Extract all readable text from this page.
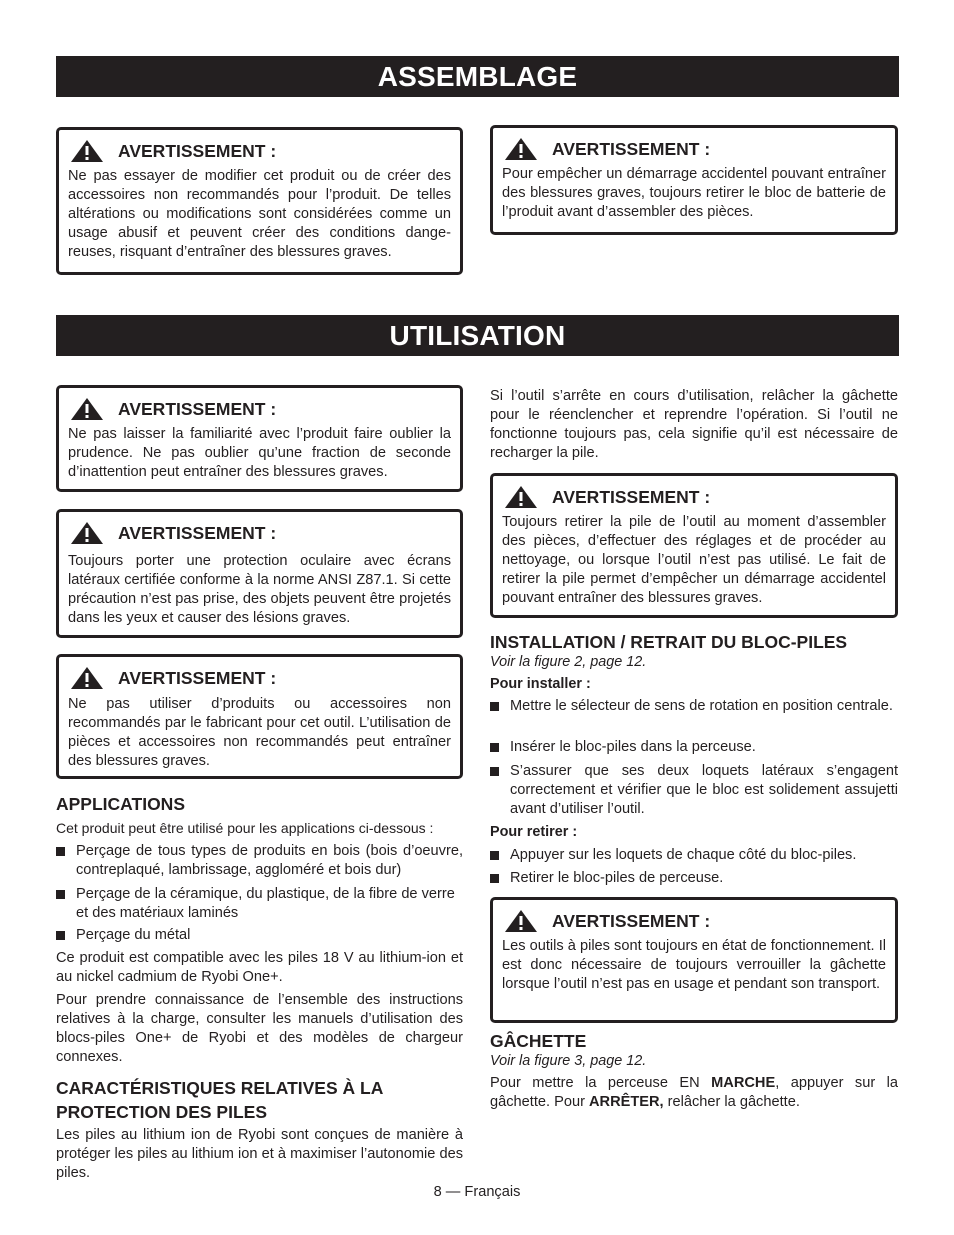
ASSEMBLAGE
UTILISATION
AVERTISSEMENT :
Ne pas essayer de modifier cet produit ou de créer des accessoires non recommandés pour l’produit. De telles altérations ou modifications sont considérées comme un usage abusif et peuvent créer des conditions dange-reuses, risquant d’entraîner des blessures graves.
AVERTISSEMENT :
Pour empêcher un démarrage accidentel pouvant entraîner des blessures graves, toujours retirer le bloc de batterie de l’produit avant d’assembler des pièces.
AVERTISSEMENT :
Ne pas laisser la familiarité avec l’produit faire oublier la prudence. Ne pas oublier qu’une fraction de seconde d’inattention peut entraîner des blessures graves.
AVERTISSEMENT :
Toujours porter une protection oculaire avec écrans latéraux certifiée conforme à la norme ANSI Z87.1. Si cette précaution n’est pas prise, des objets peuvent être projetés dans les yeux et causer des lésions graves.
AVERTISSEMENT :
Ne pas utiliser d’produits ou accessoires non recommandés par le fabricant pour cet outil. L’utilisation de pièces et accessoires non recommandés peut entraîner des blessures graves.
AVERTISSEMENT :
Toujours retirer la pile de l’outil au moment d’assembler des pièces, d’effectuer des réglages et de procéder au nettoyage, ou lorsque l’outil n’est pas utilisé. Le fait de retirer la pile permet d’empêcher un démarrage accidentel pouvant entraîner des blessures graves.
AVERTISSEMENT :
Les outils à piles sont toujours en état de fonctionnement. Il est donc nécessaire de toujours verrouiller la gâchette lorsque l’outil n’est pas en usage et pendant son transport.
APPLICATIONS
Cet produit peut être utilisé pour les applications ci-dessous :
Perçage de tous types de produits en bois (bois d’oeuvre, contreplaqué, lambrissage, aggloméré et bois dur)
Perçage de la céramique, du plastique, de la fibre de verre et des matériaux laminés
Perçage du métal
Ce produit est compatible avec les piles 18 V au lithium-ion et au nickel cadmium de Ryobi One+.
Pour prendre connaissance de l’ensemble des instructions relatives à la charge, consulter les manuels d’utilisation des blocs-piles One+ de Ryobi et des modèles de chargeur connexes.
CARACTÉRISTIQUES RELATIVES À LA
PROTECTION DES PILES
Les piles au lithium ion de Ryobi sont conçues de manière à protéger les piles au lithium ion et à maximiser l’autonomie des piles.
Si l’outil s’arrête en cours d’utilisation, relâcher la gâchette pour le réenclencher et reprendre l’opération. Si l’outil ne fonctionne toujours pas, cela signifie qu’il est nécessaire de recharger la pile.
INSTALLATION / RETRAIT DU BLOC-PILES
Voir la figure 2, page 12.
Pour installer :
Mettre le sélecteur de sens de rotation en position centrale.
Insérer le bloc-piles dans la perceuse.
S’assurer que ses deux loquets latéraux s’engagent correctement et vérifier que le bloc est solidement assujetti avant d’utiliser l’outil.
Pour retirer :
Appuyer sur les loquets de chaque côté du bloc-piles.
Retirer le bloc-piles de perceuse.
GÂCHETTE
Voir la figure 3, page 12.
Pour mettre la perceuse EN MARCHE, appuyer sur la gâchette. Pour ARRÊTER, relâcher la gâchette.
8 — Français
